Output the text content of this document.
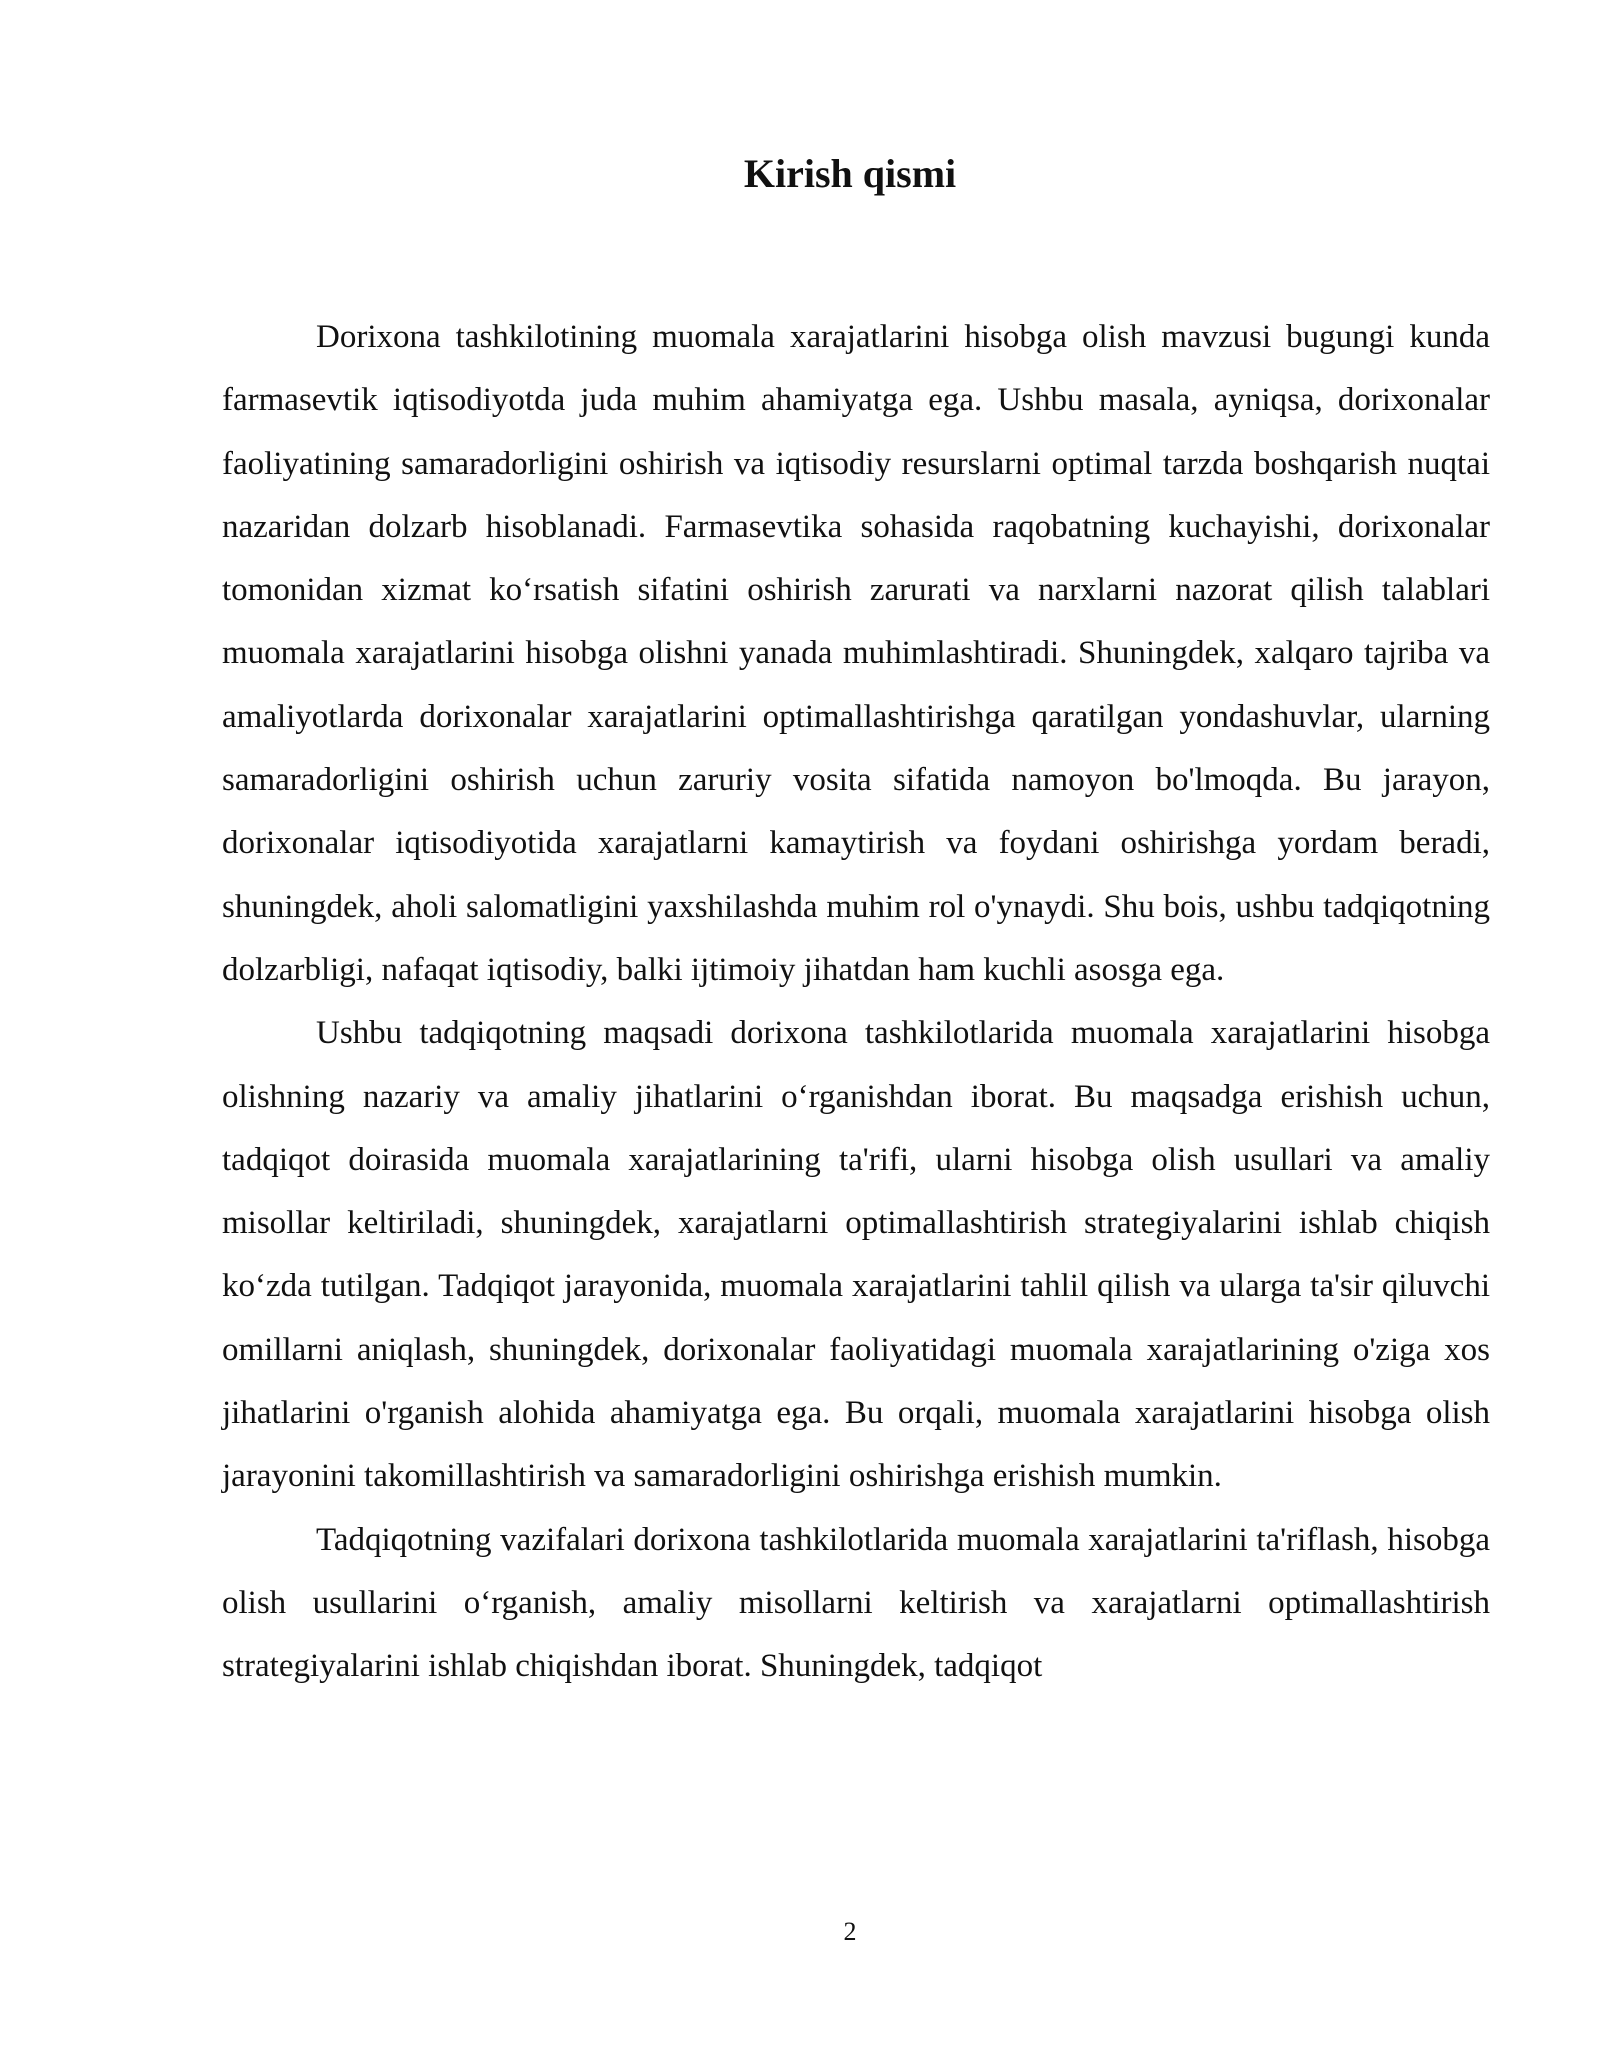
Kirish qismi

Dorixona tashkilotining muomala xarajatlarini hisobga olish mavzusi bugungi kunda farmasevtik iqtisodiyotda juda muhim ahamiyatga ega. Ushbu masala, ayniqsa, dorixonalar faoliyatining samaradorligini oshirish va iqtisodiy resurslarni optimal tarzda boshqarish nuqtai nazaridan dolzarb hisoblanadi. Farmasevtika sohasida raqobatning kuchayishi, dorixonalar tomonidan xizmat koʻrsatish sifatini oshirish zarurati va narxlarni nazorat qilish talablari muomala xarajatlarini hisobga olishni yanada muhimlashtiradi. Shuningdek, xalqaro tajriba va amaliyotlarda dorixonalar xarajatlarini optimallashtirishga qaratilgan yondashuvlar, ularning samaradorligini oshirish uchun zaruriy vosita sifatida namoyon bo'lmoqda. Bu jarayon, dorixonalar iqtisodiyotida xarajatlarni kamaytirish va foydani oshirishga yordam beradi, shuningdek, aholi salomatligini yaxshilashda muhim rol o'ynaydi. Shu bois, ushbu tadqiqotning dolzarbligi, nafaqat iqtisodiy, balki ijtimoiy jihatdan ham kuchli asosga ega.

Ushbu tadqiqotning maqsadi dorixona tashkilotlarida muomala xarajatlarini hisobga olishning nazariy va amaliy jihatlarini oʻrganishdan iborat. Bu maqsadga erishish uchun, tadqiqot doirasida muomala xarajatlarining ta'rifi, ularni hisobga olish usullari va amaliy misollar keltiriladi, shuningdek, xarajatlarni optimallashtirish strategiyalarini ishlab chiqish koʻzda tutilgan. Tadqiqot jarayonida, muomala xarajatlarini tahlil qilish va ularga ta'sir qiluvchi omillarni aniqlash, shuningdek, dorixonalar faoliyatidagi muomala xarajatlarining o'ziga xos jihatlarini o'rganish alohida ahamiyatga ega. Bu orqali, muomala xarajatlarini hisobga olish jarayonini takomillashtirish va samaradorligini oshirishga erishish mumkin.

Tadqiqotning vazifalari dorixona tashkilotlarida muomala xarajatlarini ta'riflash, hisobga olish usullarini oʻrganish, amaliy misollarni keltirish va xarajatlarni optimallashtirish strategiyalarini ishlab chiqishdan iborat. Shuningdek, tadqiqot

2
